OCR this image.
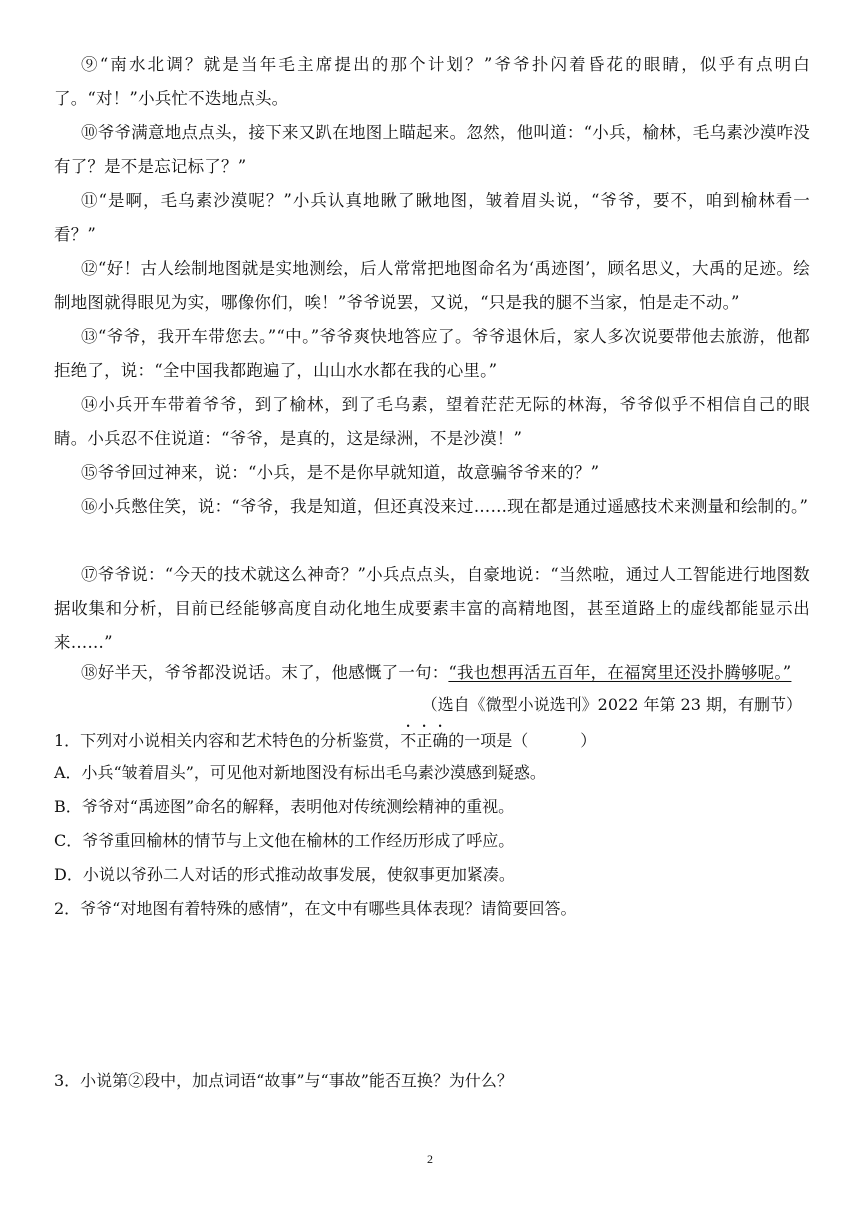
⑨“南水北调？就是当年毛主席提出的那个计划？”爷爷扑闪着昏花的眼睛，似乎有点明白了。“对！”小兵忙不迭地点头。

⑩爷爷满意地点点头，接下来又趴在地图上瞄起来。忽然，他叫道：“小兵，榆林，毛乌素沙漠咋没有了？是不是忘记标了？”

⑪“是啊，毛乌素沙漠呢？”小兵认真地瞅了瞅地图，皱着眉头说，“爷爷，要不，咱到榆林看一看？”

⑫“好！古人绘制地图就是实地测绘，后人常常把地图命名为‘禹迹图’，顾名思义，大禹的足迹。绘制地图就得眼见为实，哪像你们，唉！”爷爷说罢，又说，“只是我的腿不当家，怕是走不动。”

⑬“爷爷，我开车带您去。”“中。”爷爷爽快地答应了。爷爷退休后，家人多次说要带他去旅游，他都拒绝了，说：“全中国我都跑遍了，山山水水都在我的心里。”

⑭小兵开车带着爷爷，到了榆林，到了毛乌素，望着茫茫无际的林海，爷爷似乎不相信自己的眼睛。小兵忍不住说道：“爷爷，是真的，这是绿洲，不是沙漠！”

⑮爷爷回过神来，说：“小兵，是不是你早就知道，故意骗爷爷来的？”

⑯小兵憋住笑，说：“爷爷，我是知道，但还真没来过……现在都是通过遥感技术来测量和绘制的。”

⑰爷爷说：“今天的技术就这么神奇？”小兵点点头，自豪地说：“当然啦，通过人工智能进行地图数据收集和分析，目前已经能够高度自动化地生成要素丰富的高精地图，甚至道路上的虚线都能显示出来……”

⑱好半天，爷爷都没说话。末了，他感慨了一句：“我也想再活五百年，在福窝里还没扑腾够呢。”

（选自《微型小说选刊》2022 年第 23 期，有删节）

1．下列对小说相关内容和艺术特色的分析鉴赏，不正确的一项是（	）

A．小兵“皱着眉头”，可见他对新地图没有标出毛乌素沙漠感到疑惑。

B．爷爷对“禹迹图”命名的解释，表明他对传统测绘精神的重视。

C．爷爷重回榆林的情节与上文他在榆林的工作经历形成了呼应。

D．小说以爷孙二人对话的形式推动故事发展，使叙事更加紧凑。

2．爷爷“对地图有着特殊的感情”，在文中有哪些具体表现？请简要回答。

3．小说第②段中，加点词语“故事”与“事故”能否互换？为什么？

2
